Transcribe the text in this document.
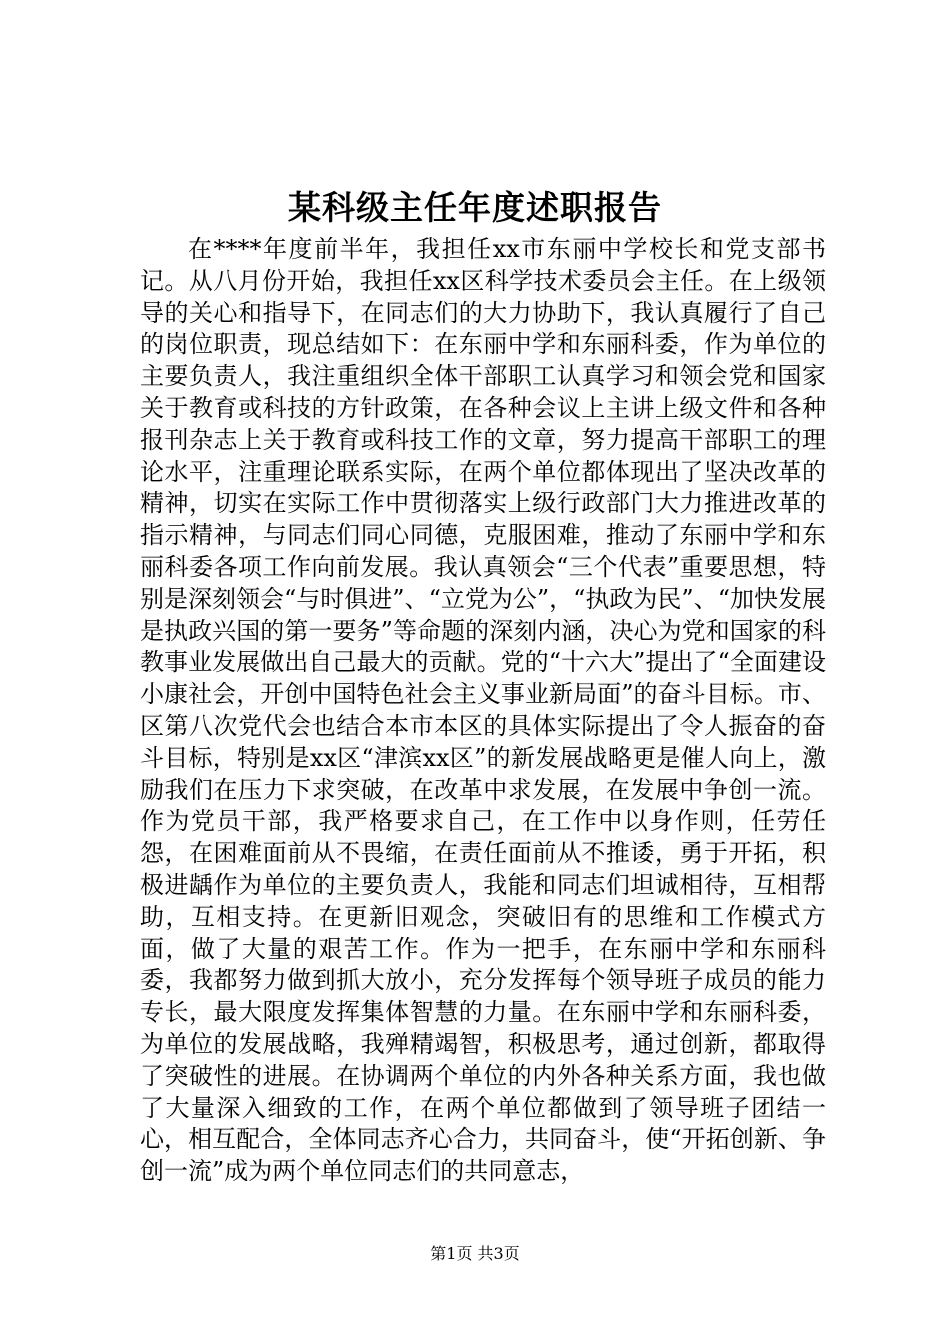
某科级主任年度述职报告

在****年度前半年，我担任xx市东丽中学校长和党支部书记。从八月份开始，我担任xx区科学技术委员会主任。在上级领导的关心和指导下，在同志们的大力协助下，我认真履行了自己的岗位职责，现总结如下：在东丽中学和东丽科委，作为单位的主要负责人，我注重组织全体干部职工认真学习和领会党和国家关于教育或科技的方针政策，在各种会议上主讲上级文件和各种报刊杂志上关于教育或科技工作的文章，努力提高干部职工的理论水平，注重理论联系实际，在两个单位都体现出了坚决改革的精神，切实在实际工作中贯彻落实上级行政部门大力推进改革的指示精神，与同志们同心同德，克服困难，推动了东丽中学和东丽科委各项工作向前发展。我认真领会“三个代表”重要思想，特别是深刻领会“与时俱进”、“立党为公”，“执政为民”、“加快发展是执政兴国的第一要务”等命题的深刻内涵，决心为党和国家的科教事业发展做出自己最大的贡献。党的“十六大”提出了“全面建设小康社会，开创中国特色社会主义事业新局面”的奋斗目标。市、区第八次党代会也结合本市本区的具体实际提出了令人振奋的奋斗目标，特别是xx区“津滨xx区”的新发展战略更是催人向上，激励我们在压力下求突破，在改革中求发展，在发展中争创一流。作为党员干部，我严格要求自己，在工作中以身作则，任劳任怨，在困难面前从不畏缩，在责任面前从不推诿，勇于开拓，积极进龋作为单位的主要负责人，我能和同志们坦诚相待，互相帮助，互相支持。在更新旧观念，突破旧有的思维和工作模式方面，做了大量的艰苦工作。作为一把手，在东丽中学和东丽科委，我都努力做到抓大放小，充分发挥每个领导班子成员的能力专长，最大限度发挥集体智慧的力量。在东丽中学和东丽科委，为单位的发展战略，我殚精竭智，积极思考，通过创新，都取得了突破性的进展。在协调两个单位的内外各种关系方面，我也做了大量深入细致的工作，在两个单位都做到了领导班子团结一心，相互配合，全体同志齐心合力，共同奋斗，使“开拓创新、争创一流”成为两个单位同志们的共同意志，

第1页 共3页
